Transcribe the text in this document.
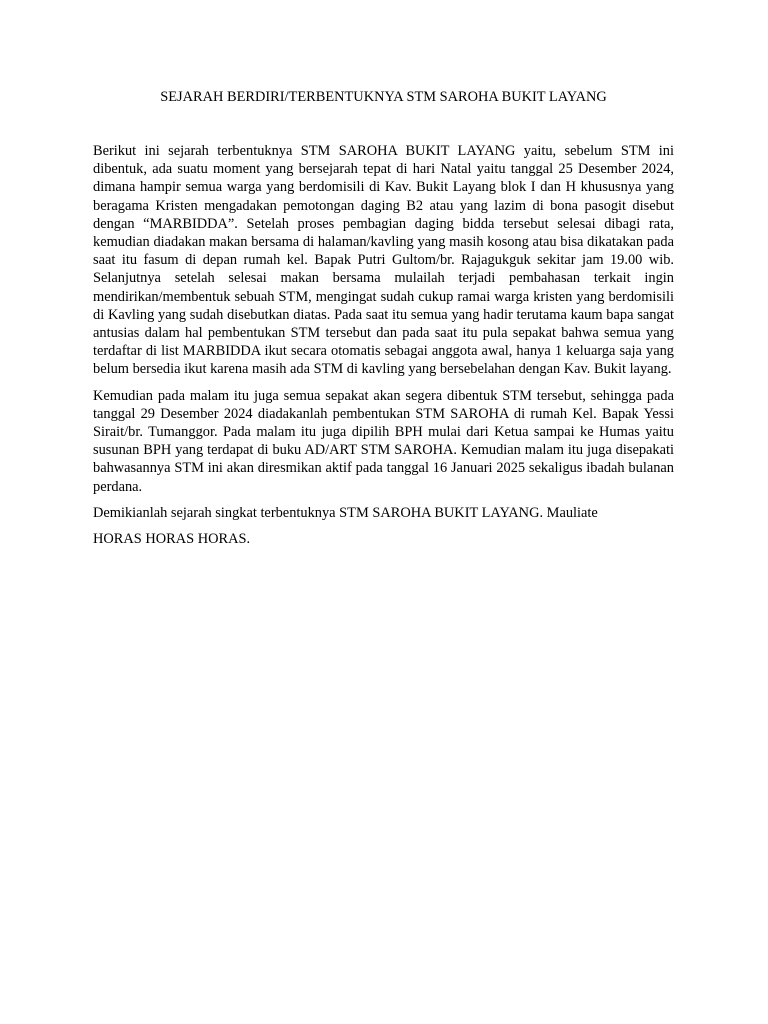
SEJARAH BERDIRI/TERBENTUKNYA STM SAROHA BUKIT LAYANG

Berikut ini sejarah terbentuknya STM SAROHA BUKIT LAYANG yaitu, sebelum STM ini dibentuk, ada suatu moment yang bersejarah tepat di hari Natal yaitu tanggal 25 Desember 2024, dimana hampir semua warga yang berdomisili di Kav. Bukit Layang blok I dan H khususnya yang beragama Kristen mengadakan pemotongan daging B2 atau yang lazim di bona pasogit disebut dengan “MARBIDDA”. Setelah proses pembagian daging bidda tersebut selesai dibagi rata, kemudian diadakan makan bersama di halaman/kavling yang masih kosong atau bisa dikatakan pada saat itu fasum di depan rumah kel. Bapak Putri Gultom/br. Rajagukguk sekitar jam 19.00 wib. Selanjutnya setelah selesai makan bersama mulailah terjadi pembahasan terkait ingin mendirikan/membentuk sebuah STM, mengingat sudah cukup ramai warga kristen yang berdomisili di Kavling yang sudah disebutkan diatas. Pada saat itu semua yang hadir terutama kaum bapa sangat antusias dalam hal pembentukan STM tersebut dan pada saat itu pula sepakat bahwa semua yang terdaftar di list MARBIDDA ikut secara otomatis sebagai anggota awal, hanya 1 keluarga saja yang belum bersedia ikut karena masih ada STM di kavling yang bersebelahan dengan Kav. Bukit layang.

Kemudian pada malam itu juga semua sepakat akan segera dibentuk STM tersebut, sehingga pada tanggal 29 Desember 2024 diadakanlah pembentukan STM SAROHA di rumah Kel. Bapak Yessi Sirait/br. Tumanggor. Pada malam itu juga dipilih BPH mulai dari Ketua sampai ke Humas yaitu susunan BPH yang terdapat di buku AD/ART STM SAROHA. Kemudian malam itu juga disepakati bahwasannya STM ini akan diresmikan aktif pada tanggal 16 Januari 2025 sekaligus ibadah bulanan perdana.

Demikianlah sejarah singkat terbentuknya STM SAROHA BUKIT LAYANG. Mauliate

HORAS HORAS HORAS.
